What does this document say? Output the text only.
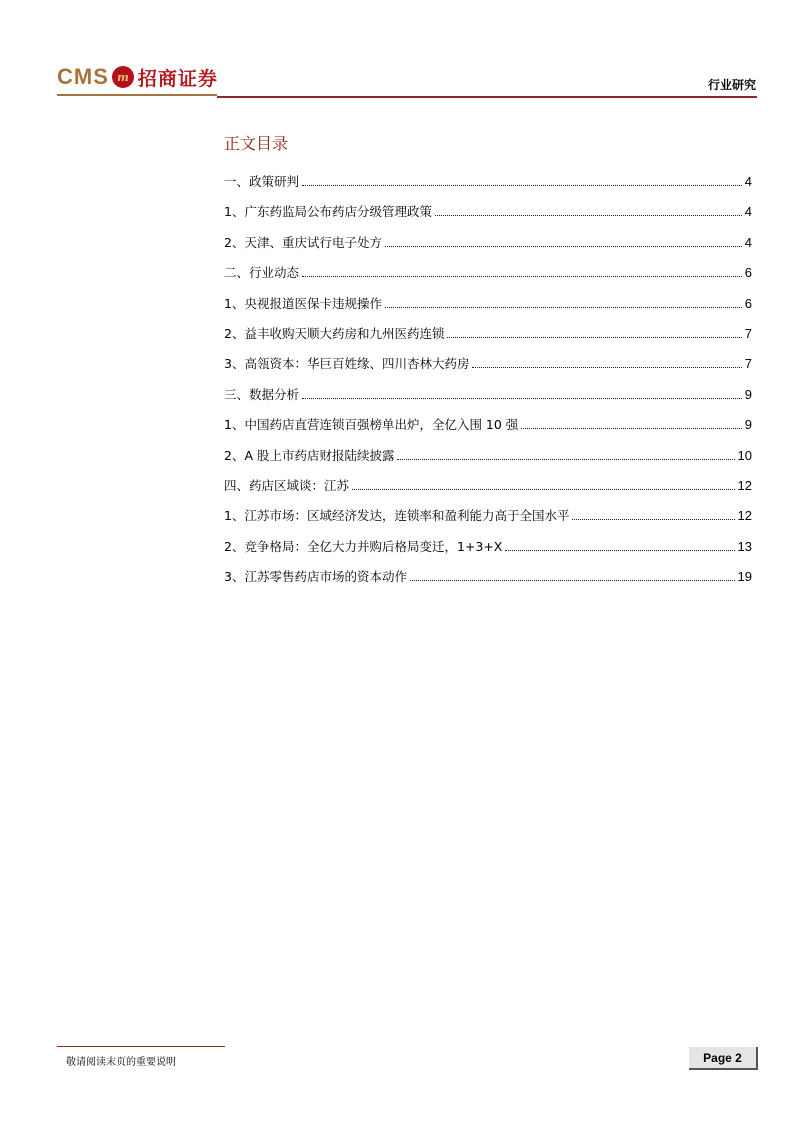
CMS m 招商证券	行业研究
正文目录
一、政策研判	4
1、广东药监局公布药店分级管理政策	4
2、天津、重庆试行电子处方	4
二、行业动态	6
1、央视报道医保卡违规操作	6
2、益丰收购天顺大药房和九州医药连锁	7
3、高瓴资本：华巨百姓缘、四川杏林大药房	7
三、数据分析	9
1、中国药店直营连锁百强榜单出炉，全亿入围 10 强	9
2、A 股上市药店财报陆续披露	10
四、药店区域谈：江苏	12
1、江苏市场：区域经济发达，连锁率和盈利能力高于全国水平	12
2、竞争格局：全亿大力并购后格局变迁，1+3+X	13
3、江苏零售药店市场的资本动作	19
敬请阅读末页的重要说明	Page 2
